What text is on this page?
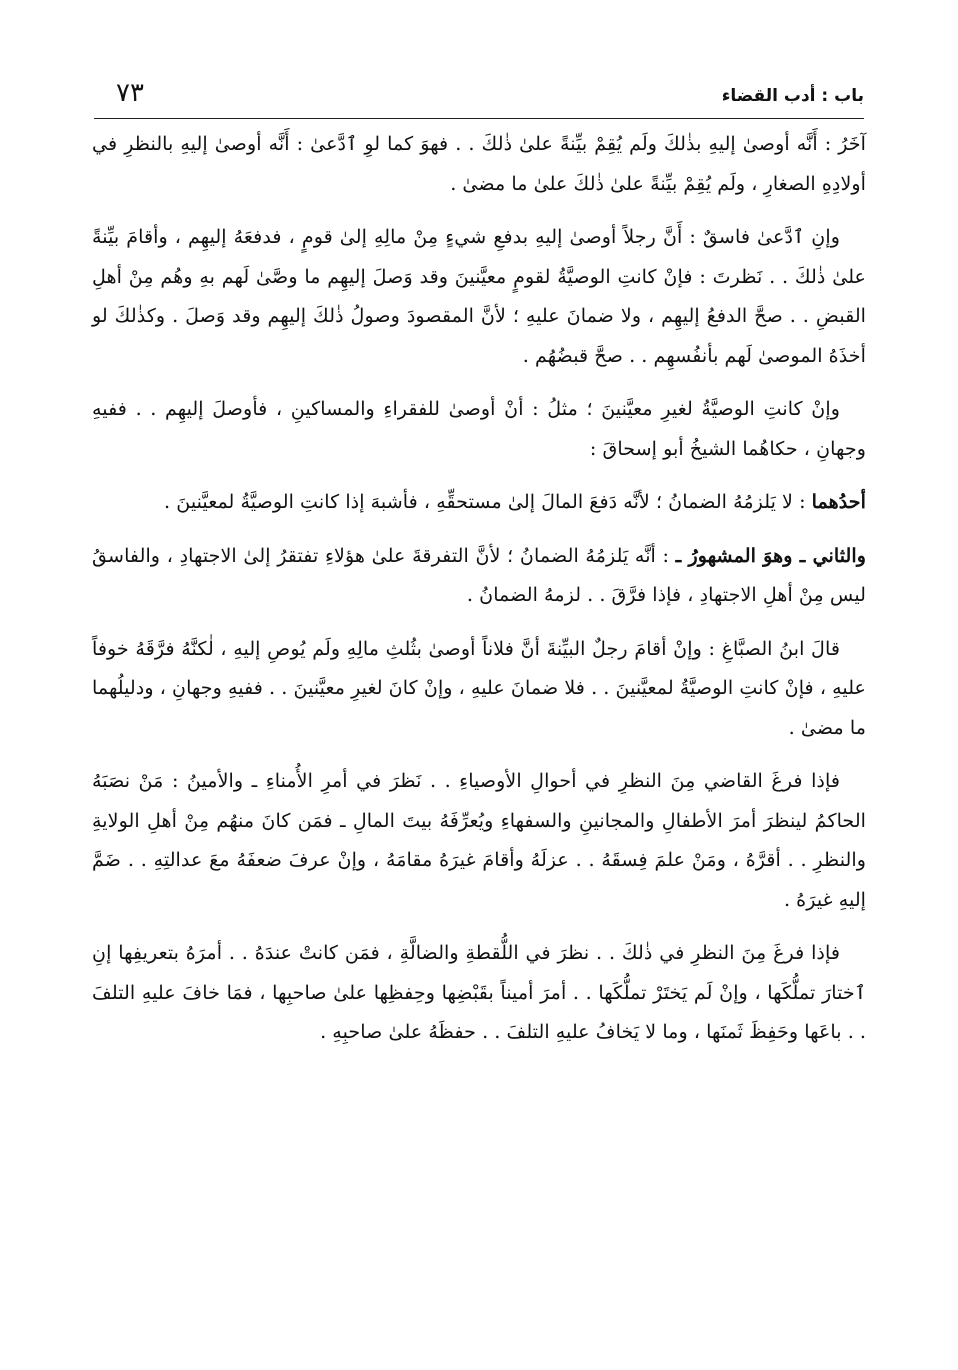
باب : أدب القضاء
٧٣

آخَرُ : أَنَّه أوصىٰ إليهِ بذٰلكَ ولَم يُقِمْ بيِّنةً علىٰ ذٰلكَ . . فهوَ كما لوِ ٱدَّعىٰ : أَنَّه أوصىٰ إليهِ بالنظرِ في أولادِهِ الصغارِ ، ولَم يُقِمْ بيِّنةً علىٰ ذٰلكَ علىٰ ما مضىٰ .

وإنِ ٱدَّعىٰ فاسقٌ : أَنَّ رجلاً أوصىٰ إليهِ بدفعِ شيءٍ مِنْ مالِهِ إلىٰ قومٍ ، فدفعَهُ إليهِم ، وأقامَ بيِّنةً علىٰ ذٰلكَ . . نَظرتَ : فإنْ كانتِ الوصيَّةُ لقومٍ معيَّنينَ وقد وَصلَ إليهِم ما وصَّىٰ لَهم بهِ وهُم مِنْ أهلِ القبضِ . . صحَّ الدفعُ إليهِم ، ولا ضمانَ عليهِ ؛ لأنَّ المقصودَ وصولُ ذٰلكَ إليهِم وقد وَصلَ . وكذٰلكَ لو أخذَهُ الموصىٰ لَهم بأنفُسهِم . . صحَّ قبضُهُم .

وإنْ كانتِ الوصيَّةُ لغيرِ معيَّنينَ ؛ مثلُ : أنْ أوصىٰ للفقراءِ والمساكينِ ، فأوصلَ إليهِم . . ففيهِ وجهانِ ، حكاهُما الشيخُ أبو إسحاقَ :

أحدُهما : لا يَلزمُهُ الضمانُ ؛ لأنَّه دَفعَ المالَ إلىٰ مستحقِّهِ ، فأشبهَ إذا كانتِ الوصيَّةُ لمعيَّنينَ .

والثاني ـ وهوَ المشهورُ ـ : أنَّه يَلزمُهُ الضمانُ ؛ لأنَّ التفرقةَ علىٰ هؤلاءِ تفتقرُ إلىٰ الاجتهادِ ، والفاسقُ ليس مِنْ أهلِ الاجتهادِ ، فإذا فرَّقَ . . لزمهُ الضمانُ .

قالَ ابنُ الصبَّاغِ : وإنْ أقامَ رجلٌ البيِّنةَ أنَّ فلاناً أوصىٰ بثُلثِ مالِهِ ولَم يُوصِ إليهِ ، لٰكنَّهُ فرَّقَهُ خوفاً عليهِ ، فإنْ كانتِ الوصيَّةُ لمعيَّنينَ . . فلا ضمانَ عليهِ ، وإنْ كانَ لغيرِ معيَّنينَ . . ففيهِ وجهانِ ، ودليلُهما ما مضىٰ .

فإذا فرغَ القاضي مِنَ النظرِ في أحوالِ الأوصياءِ . . نَظرَ في أمرِ الأُمناءِ ـ والأمينُ : مَنْ نصَبَهُ الحاكمُ لينظرَ أمرَ الأطفالِ والمجانينِ والسفهاءِ ويُعرِّفَهُ بيتَ المالِ ـ فمَن كانَ منهُم مِنْ أهلِ الولايةِ والنظرِ . . أقرَّهُ ، ومَنْ علمَ فِسقَهُ . . عزلَهُ وأقامَ غيرَهُ مقامَهُ ، وإنْ عرفَ ضعفَهُ معَ عدالتِهِ . . ضَمَّ إليهِ غيرَهُ .

فإذا فرغَ مِنَ النظرِ في ذٰلكَ . . نظرَ في اللُّقطةِ والضالَّةِ ، فمَن كانتْ عندَهُ . . أمرَهُ بتعريفِها إنِ ٱختارَ تملُّكَها ، وإنْ لَم يَختَرْ تملُّكَها . . أمرَ أميناً بقَبْضِها وحِفظِها علىٰ صاحبِها ، فمَا خافَ عليهِ التلفَ . . باعَها وحَفِظَ ثَمنَها ، وما لا يَخافُ عليهِ التلفَ . . حفظَهُ علىٰ صاحبِهِ .
